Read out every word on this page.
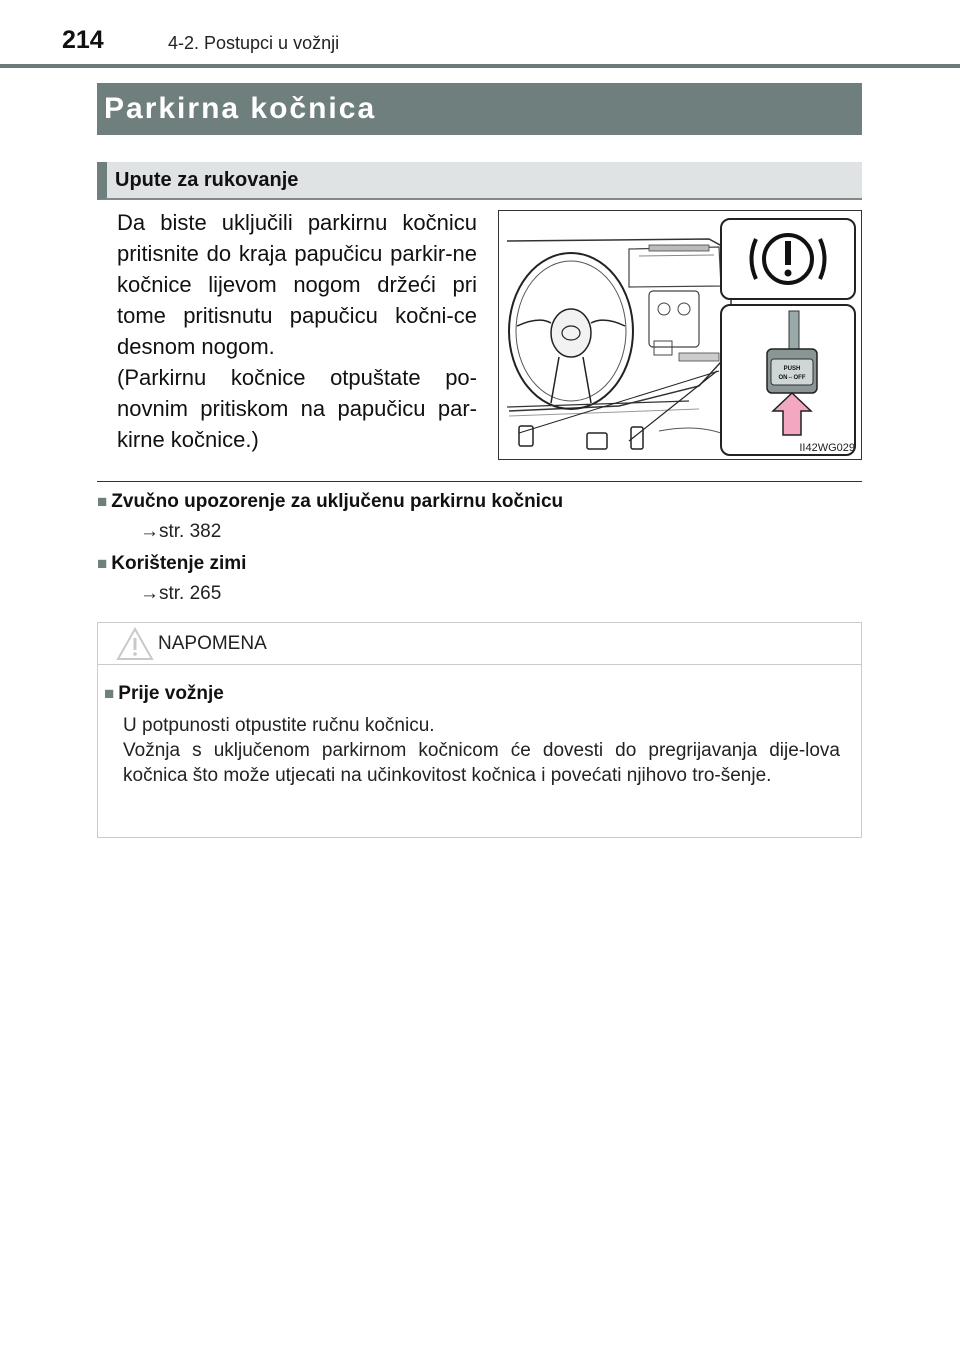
214	4-2. Postupci u vožnji
Parkirna kočnica
Upute za rukovanje

Da biste uključili parkirnu kočnicu pritisnite do kraja papučicu parkir-ne kočnice lijevom nogom držeći pri tome pritisnutu papučicu kočni-ce desnom nogom.

(Parkirnu kočnice otpuštate po-novnim pritiskom na papučicu par-kirne kočnice.)

PUSH
ON⇔OFF
II42WG029
■ Zvučno upozorenje za uključenu parkirnu kočnicu
→str. 382
■ Korištenje zimi
→str. 265
NAPOMENA
■ Prije vožnje

U potpunosti otpustite ručnu kočnicu.

Vožnja s uključenom parkirnom kočnicom će dovesti do pregrijavanja dije-lova kočnica što može utjecati na učinkovitost kočnica i povećati njihovo tro-šenje.
